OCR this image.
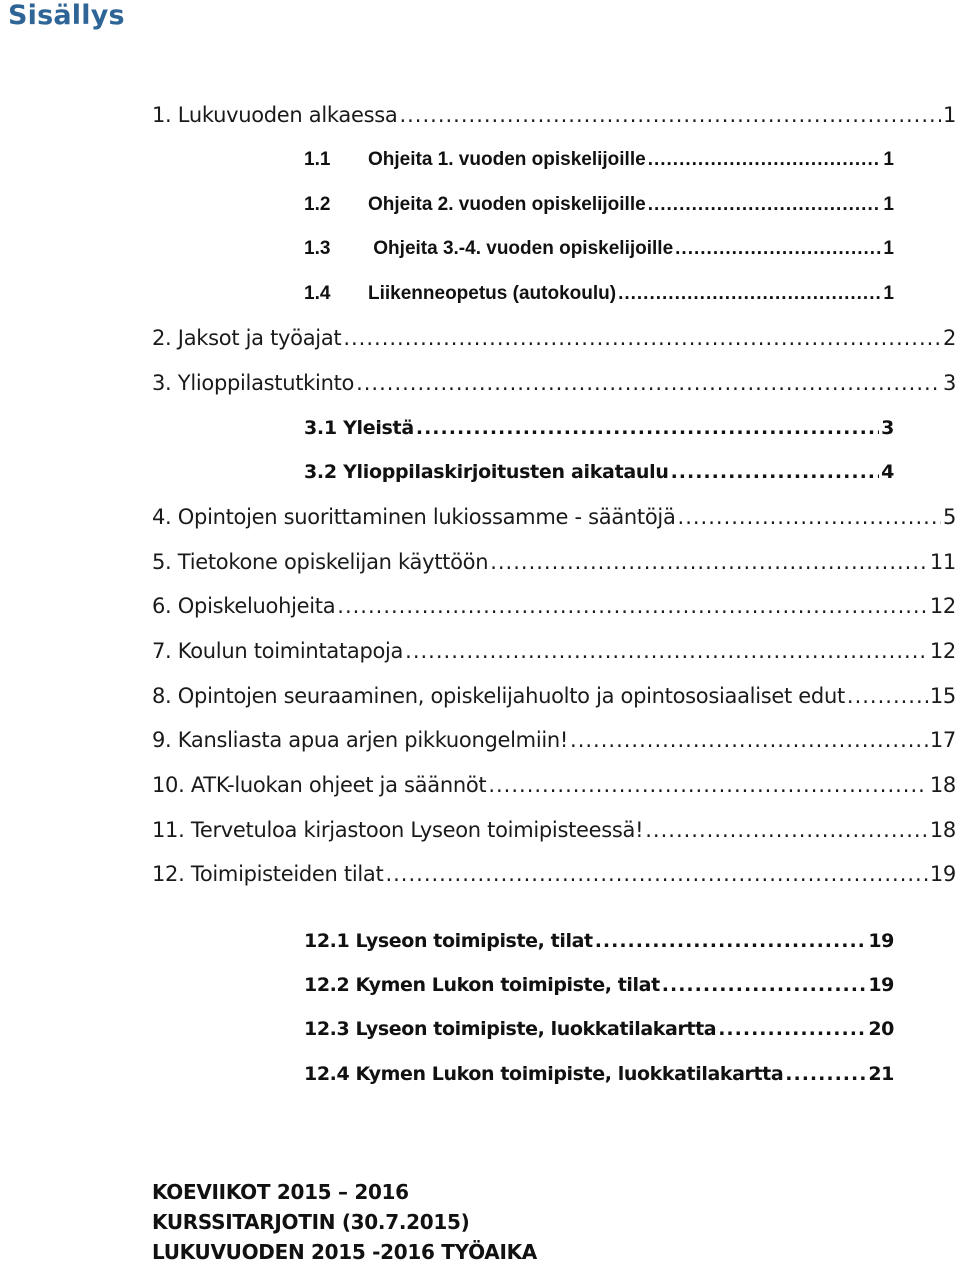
Sisällys
1. Lukuvuoden alkaessa .....	1
1.1 Ohjeita 1. vuoden opiskelijoille .....	1
1.2 Ohjeita 2. vuoden opiskelijoille .....	1
1.3 Ohjeita 3.-4. vuoden opiskelijoille .....	1
1.4 Liikenneopetus (autokoulu) .....	1
2. Jaksot ja työajat .....	2
3. Ylioppilastutkinto .....	3
3.1 Yleistä .....	3
3.2 Ylioppilaskirjoitusten aikataulu .....	4
4. Opintojen suorittaminen lukiossamme - sääntöjä .....	5
5. Tietokone opiskelijan käyttöön .....	11
6. Opiskeluohjeita .....	12
7. Koulun toimintatapoja .....	12
8. Opintojen seuraaminen, opiskelijahuolto ja opintososiaaliset edut .....	15
9. Kansliasta apua arjen pikkuongelmiin! .....	17
10. ATK-luokan ohjeet ja säännöt .....	18
11. Tervetuloa kirjastoon Lyseon toimipisteessä! .....	18
12. Toimipisteiden tilat .....	19
12.1 Lyseon toimipiste, tilat .....	19
12.2 Kymen Lukon toimipiste, tilat .....	19
12.3 Lyseon toimipiste, luokkatilakartta .....	20
12.4 Kymen Lukon toimipiste, luokkatilakartta .....	21
KOEVIIKOT 2015 – 2016
KURSSITARJOTIN (30.7.2015)
LUKUVUODEN 2015 -2016 TYÖAIKA
